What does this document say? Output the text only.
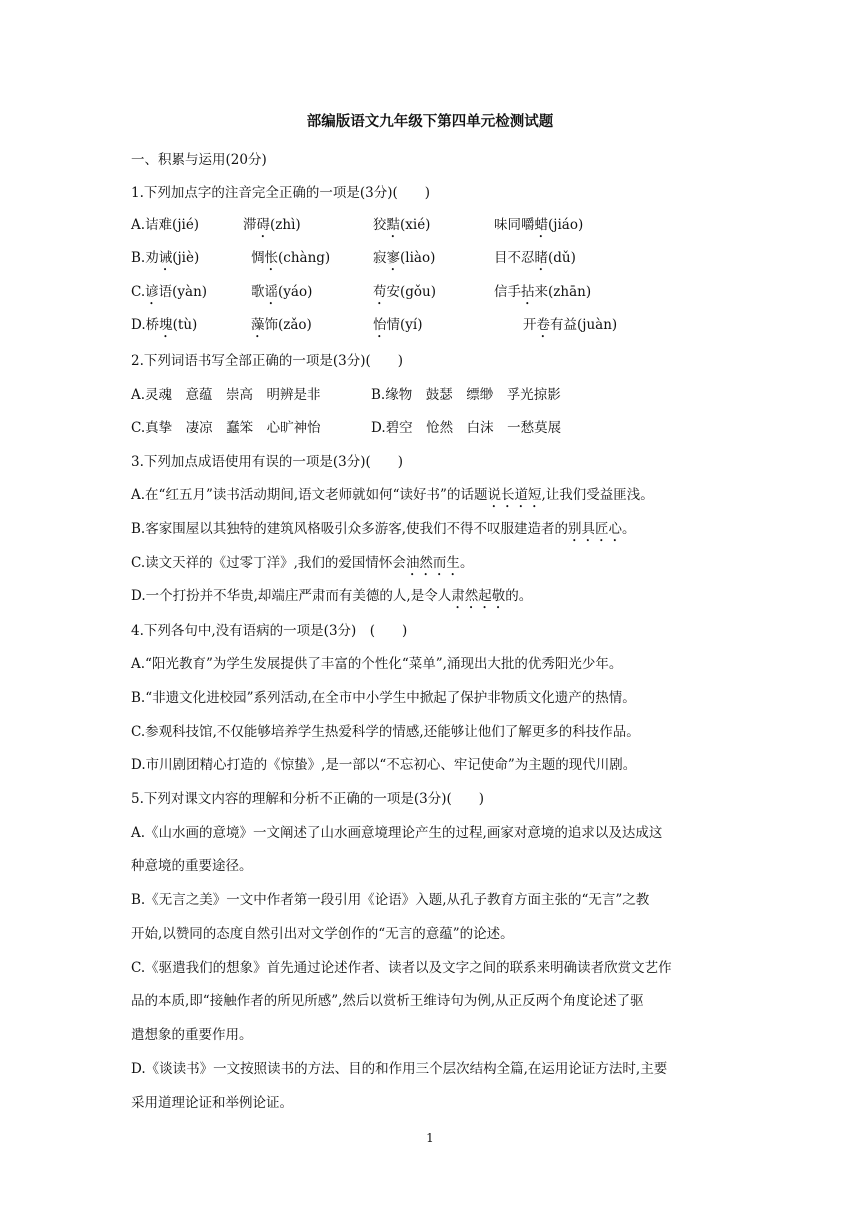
部编版语文九年级下第四单元检测试题
一、积累与运用(20分)
1.下列加点字的注音完全正确的一项是(3分)(　　)
A.诘难(jié)	滞碍(zhì)	狡黠(xié)	味同嚼蜡(jiáo)
B.劝诫(jiè)	惆怅(chàng)	寂寥(liào)	目不忍睹(dǔ)
C.谚语(yàn)	歌谣(yáo)	苟安(gǒu)	信手拈来(zhān)
D.桥塊(tù)	藻饰(zǎo)	怡情(yí)	开卷有益(juàn)
2.下列词语书写全部正确的一项是(3分)(　　)
A.灵魂　意蕴　崇高　明辨是非	B.缘物　鼓瑟　缥缈　孚光掠影
C.真挚　凄凉　蠢笨　心旷神怡	D.碧空　怆然　白沫　一愁莫展
3.下列加点成语使用有误的一项是(3分)(　　)
A.在“红五月”读书活动期间,语文老师就如何“读好书”的话题说长道短,让我们受益匪浅。
B.客家围屋以其独特的建筑风格吸引众多游客,使我们不得不叹服建造者的别具匠心。
C.读文天祥的《过零丁洋》,我们的爱国情怀会油然而生。
D.一个打扮并不华贵,却端庄严肃而有美德的人,是令人肃然起敬的。
4.下列各句中,没有语病的一项是(3分)　(　　)
A.“阳光教育”为学生发展提供了丰富的个性化“菜单”,涌现出大批的优秀阳光少年。
B.“非遗文化进校园”系列活动,在全市中小学生中掀起了保护非物质文化遗产的热情。
C.参观科技馆,不仅能够培养学生热爱科学的情感,还能够让他们了解更多的科技作品。
D.市川剧团精心打造的《惊蛰》,是一部以“不忘初心、牢记使命”为主题的现代川剧。
5.下列对课文内容的理解和分析不正确的一项是(3分)(　　)
A.《山水画的意境》一文阐述了山水画意境理论产生的过程,画家对意境的追求以及达成这
种意境的重要途径。
B.《无言之美》一文中作者第一段引用《论语》入题,从孔子教育方面主张的“无言”之教
开始,以赞同的态度自然引出对文学创作的“无言的意蕴”的论述。
C.《驱遣我们的想象》首先通过论述作者、读者以及文字之间的联系来明确读者欣赏文艺作
品的本质,即“接触作者的所见所感”,然后以赏析王维诗句为例,从正反两个角度论述了驱
遣想象的重要作用。
D.《谈读书》一文按照读书的方法、目的和作用三个层次结构全篇,在运用论证方法时,主要
采用道理论证和举例论证。
1
